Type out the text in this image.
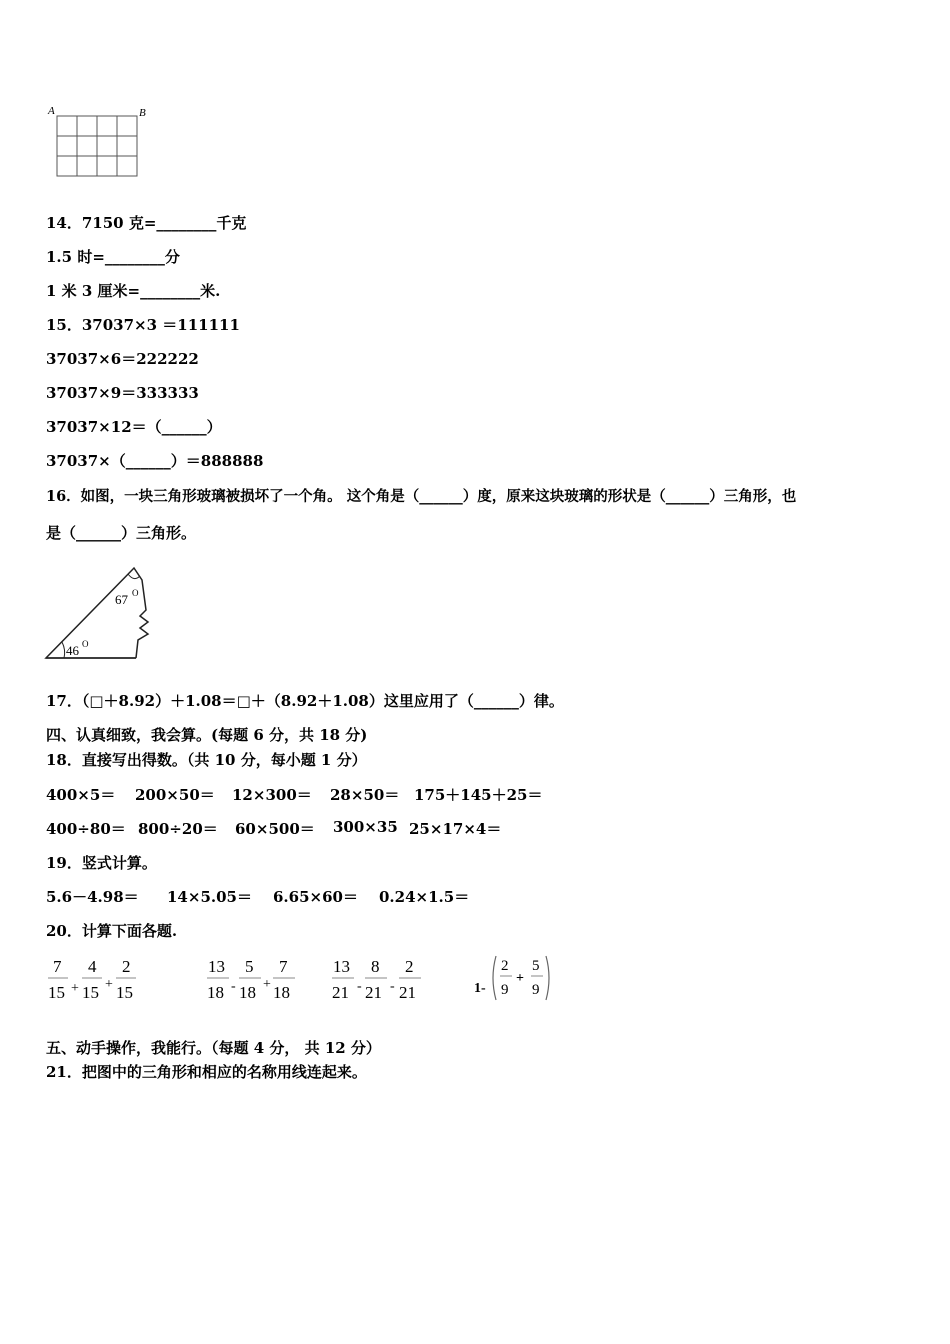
A	B
14．7150 克=________千克
1.5 时=________分
1 米 3 厘米=________米.
15．37037×3 ＝111111
37037×6＝222222
37037×9＝333333
37037×12＝（______）
37037×（______）＝888888
16．如图，一块三角形玻璃被损坏了一个角。 这个角是（______）度，原来这块玻璃的形状是（______）三角形，也
是（______）三角形。
67 O
46 O
17．（□＋8.92）＋1.08＝□＋（8.92＋1.08）这里应用了（______）律。
四、认真细致，我会算。(每题 6 分，共 18 分)
18．直接写出得数。（共 10 分，每小题 1 分）
400×5＝ 200×50＝ 12×300＝ 28×50＝ 175＋145＋25＝
400÷80＝ 800÷20＝ 60×500＝ 300×35 25×17×4＝
19．竖式计算。
5.6－4.98＝ 14×5.05＝ 6.65×60＝ 0.24×1.5＝
20．计算下面各题.
7
15 +
4
15 +
2
15
13
18 -
5
18 +
7
18
13
21 -
8
21 -
2
21	1-
2
9
+
5
9
五、动手操作，我能行。（每题 4 分， 共 12 分）
21．把图中的三角形和相应的名称用线连起来。
